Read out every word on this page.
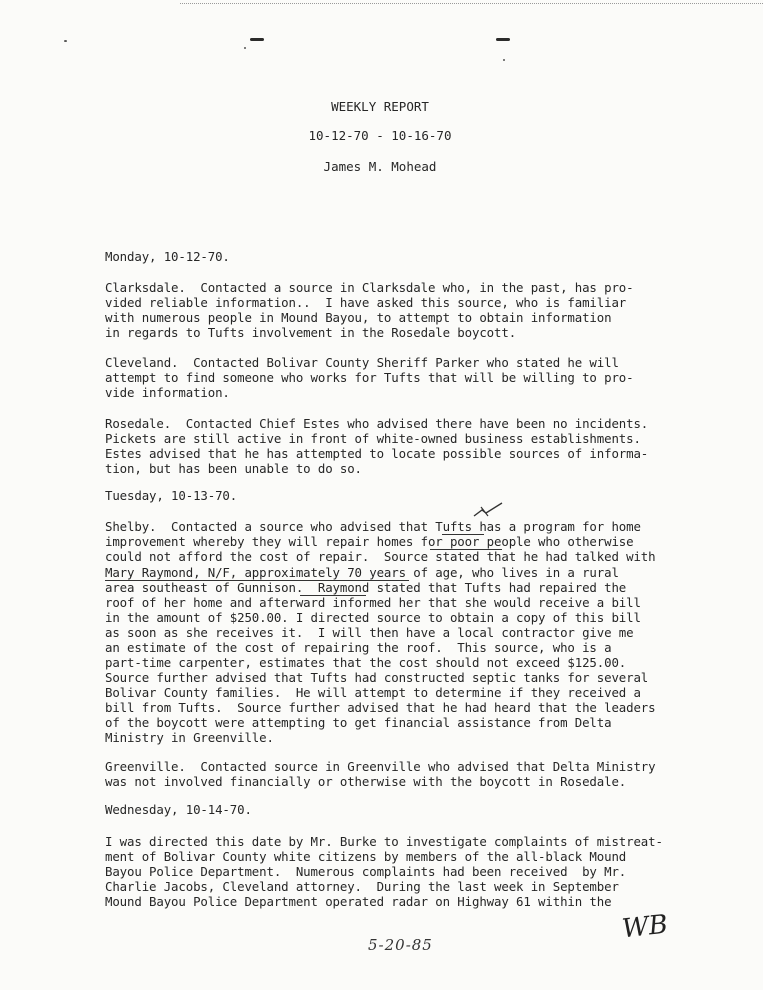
WEEKLY REPORT
10-12-70 - 10-16-70
James M. Mohead
Monday, 10-12-70.
Clarksdale.  Contacted a source in Clarksdale who, in the past, has pro-
vided reliable information..  I have asked this source, who is familiar
with numerous people in Mound Bayou, to attempt to obtain information
in regards to Tufts involvement in the Rosedale boycott.
Cleveland.  Contacted Bolivar County Sheriff Parker who stated he will
attempt to find someone who works for Tufts that will be willing to pro-
vide information.
Rosedale.  Contacted Chief Estes who advised there have been no incidents.
Pickets are still active in front of white-owned business establishments.
Estes advised that he has attempted to locate possible sources of informa-
tion, but has been unable to do so.
Tuesday, 10-13-70.
Shelby.  Contacted a source who advised that Tufts has a program for home
improvement whereby they will repair homes for poor people who otherwise
could not afford the cost of repair.  Source stated that he had talked with
Mary Raymond, N/F, approximately 70 years of age, who lives in a rural
area southeast of Gunnison.  Raymond stated that Tufts had repaired the
roof of her home and afterward informed her that she would receive a bill
in the amount of $250.00. I directed source to obtain a copy of this bill
as soon as she receives it.  I will then have a local contractor give me
an estimate of the cost of repairing the roof.  This source, who is a
part-time carpenter, estimates that the cost should not exceed $125.00.
Source further advised that Tufts had constructed septic tanks for several
Bolivar County families.  He will attempt to determine if they received a
bill from Tufts.  Source further advised that he had heard that the leaders
of the boycott were attempting to get financial assistance from Delta
Ministry in Greenville.
Greenville.  Contacted source in Greenville who advised that Delta Ministry
was not involved financially or otherwise with the boycott in Rosedale.
Wednesday, 10-14-70.
I was directed this date by Mr. Burke to investigate complaints of mistreat-
ment of Bolivar County white citizens by members of the all-black Mound
Bayou Police Department.  Numerous complaints had been received  by Mr.
Charlie Jacobs, Cleveland attorney.  During the last week in September
Mound Bayou Police Department operated radar on Highway 61 within the
5-20-85
WB
